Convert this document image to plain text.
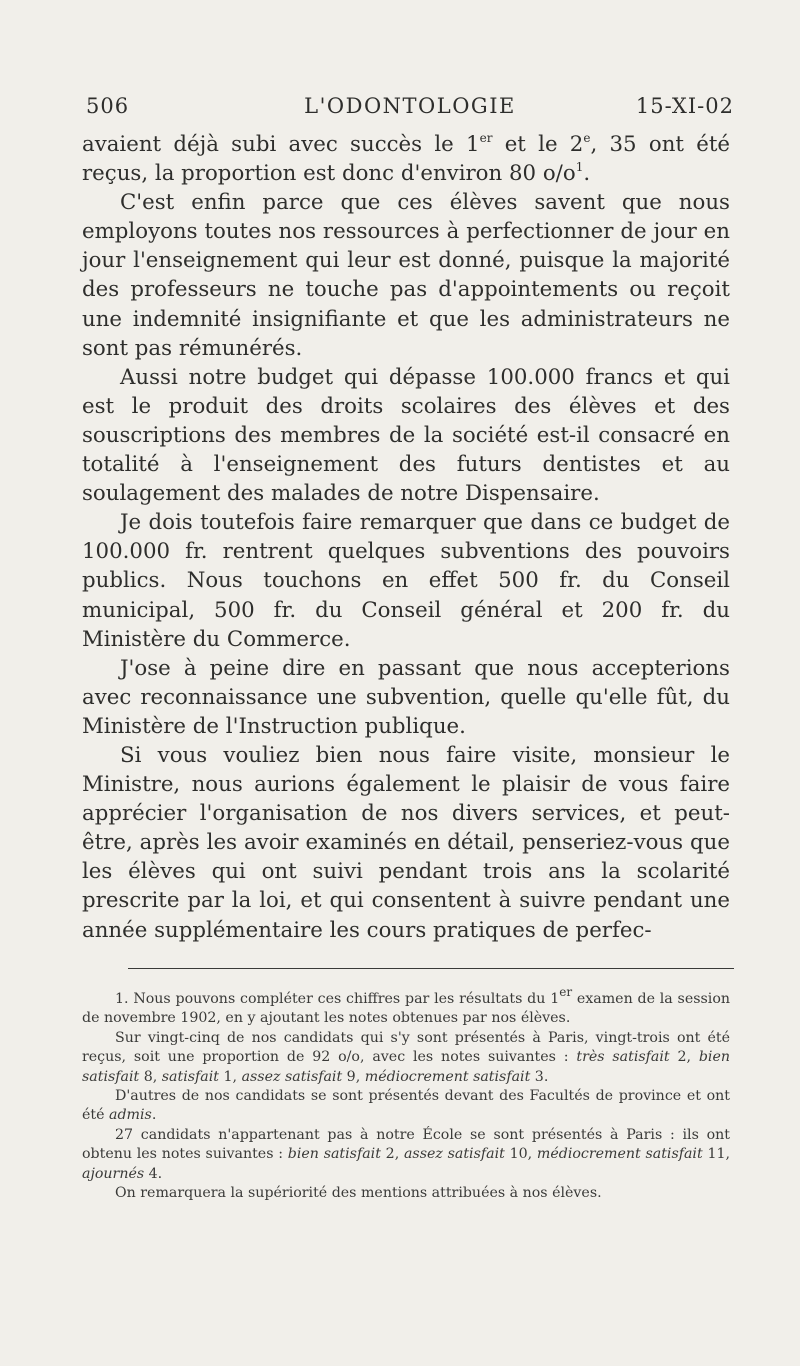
506	L'ODONTOLOGIE	15-XI-02

avaient déjà subi avec succès le 1er et le 2e, 35 ont été reçus, la proportion est donc d'environ 80 $o/o^1$.

C'est enfin parce que ces élèves savent que nous employons toutes nos ressources à perfectionner de jour en jour l'enseignement qui leur est donné, puisque la majorité des professeurs ne touche pas d'appointements ou reçoit une indemnité insignifiante et que les administrateurs ne sont pas rémunérés.

Aussi notre budget qui dépasse 100.000 francs et qui est le produit des droits scolaires des élèves et des souscriptions des membres de la société est-il consacré en totalité à l'enseignement des futurs dentistes et au soulagement des malades de notre Dispensaire.

Je dois toutefois faire remarquer que dans ce budget de 100.000 fr. rentrent quelques subventions des pouvoirs publics. Nous touchons en effet 500 fr. du Conseil municipal, 500 fr. du Conseil général et 200 fr. du Ministère du Commerce.

J'ose à peine dire en passant que nous accepterions avec reconnaissance une subvention, quelle qu'elle fût, du Ministère de l'Instruction publique.

Si vous vouliez bien nous faire visite, monsieur le Ministre, nous aurions également le plaisir de vous faire apprécier l'organisation de nos divers services, et peut-être, après les avoir examinés en détail, penseriez-vous que les élèves qui ont suivi pendant trois ans la scolarité prescrite par la loi, et qui consentent à suivre pendant une année supplémentaire les cours pratiques de perfec-

1. Nous pouvons compléter ces chiffres par les résultats du 1er examen de la session de novembre 1902, en y ajoutant les notes obtenues par nos élèves.

Sur vingt-cinq de nos candidats qui s'y sont présentés à Paris, vingt-trois ont été reçus, soit une proportion de 92 o/o, avec les notes suivantes : très satisfait 2, bien satisfait 8, satisfait 1, assez satisfait 9, médiocrement satisfait 3.

D'autres de nos candidats se sont présentés devant des Facultés de province et ont été admis.

27 candidats n'appartenant pas à notre École se sont présentés à Paris : ils ont obtenu les notes suivantes : bien satisfait 2, assez satisfait 10, médiocrement satisfait 11, ajournés 4.

On remarquera la supériorité des mentions attribuées à nos élèves.
